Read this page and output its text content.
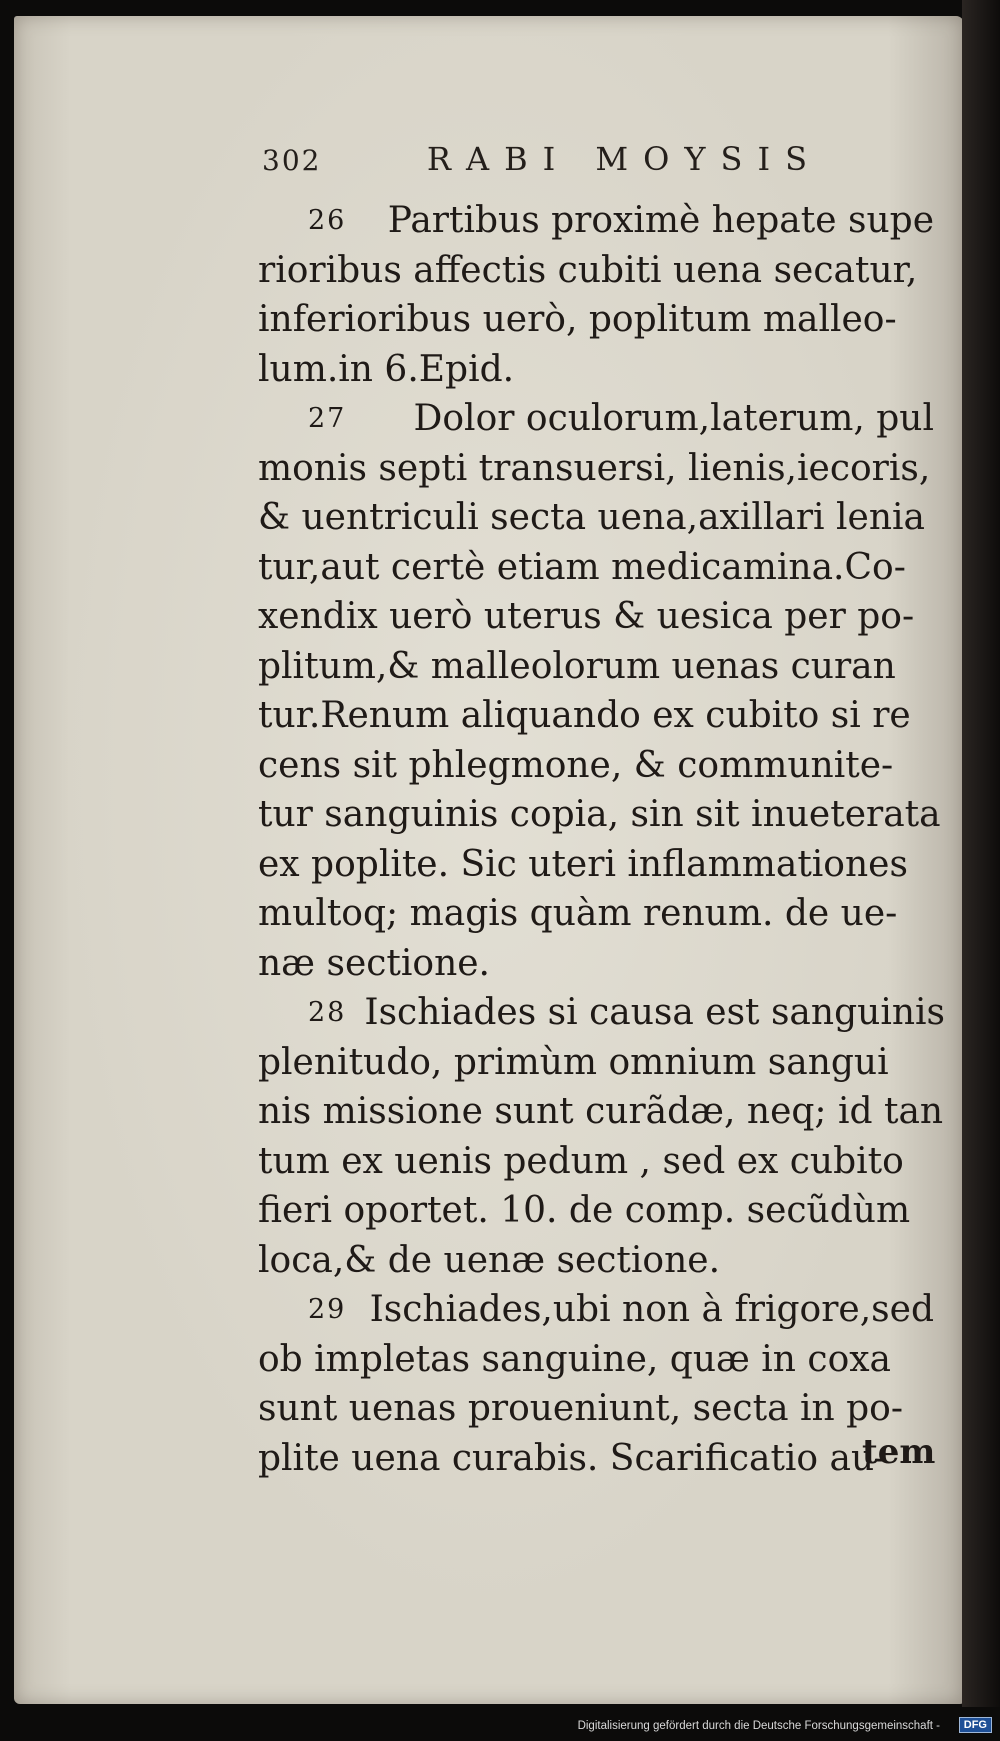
302	RABI MOYSIS
26 Partibus proximè hepate supe
rioribus affectis cubiti uena secatur,
inferioribus uerò, poplitum malleo-
lum.in 6.Epid.
27 Dolor oculorum,laterum, pul
monis septi transuersi, lienis,iecoris,
& uentriculi secta uena,axillari lenia
tur,aut certè etiam medicamina.Co-
xendix uerò uterus & uesica per po-
plitum,& malleolorum uenas curan
tur.Renum aliquando ex cubito si re
cens sit phlegmone, & communite-
tur sanguinis copia, sin sit inueterata
ex poplite. Sic uteri inflammationes
multoq; magis quàm renum. de ue-
næ sectione.
28 Ischiades si causa est sanguinis
plenitudo, primùm omnium sangui
nis missione sunt curãdæ, neq; id tan
tum ex uenis pedum , sed ex cubito
fieri oportet. 10. de comp. secũdùm
loca,& de uenæ sectione.
29 Ischiades,ubi non à frigore,sed
ob impletas sanguine, quæ in coxa
sunt uenas proueniunt, secta in po-
plite uena curabis. Scarificatio au-
tem
Digitalisierung gefördert durch die Deutsche Forschungsgemeinschaft -	DFG
